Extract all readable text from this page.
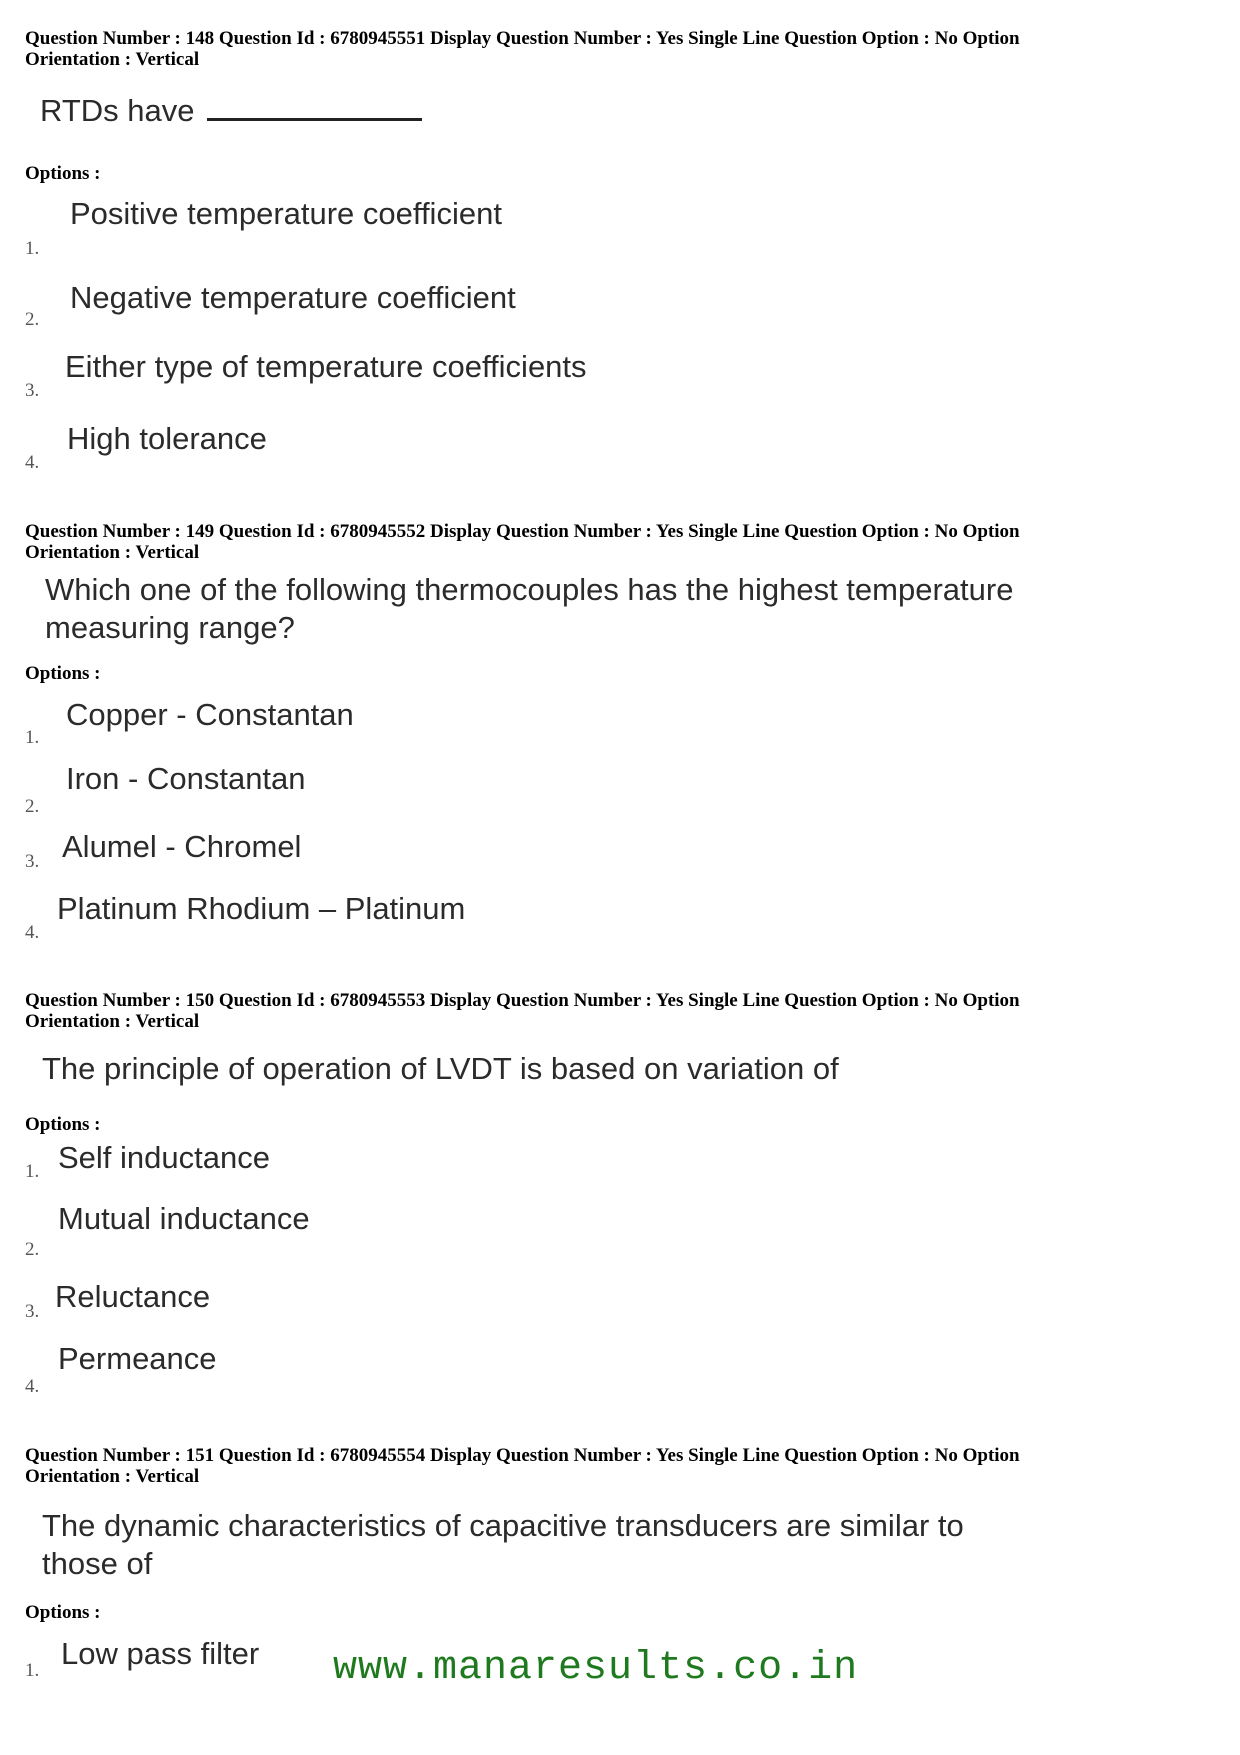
Question Number : 148 Question Id : 6780945551 Display Question Number : Yes Single Line Question Option : No Option
Orientation : Vertical
RTDs have
Options :
1.
Positive temperature coefficient
2.
Negative temperature coefficient
3.
Either type of temperature coefficients
4.
High tolerance
Question Number : 149 Question Id : 6780945552 Display Question Number : Yes Single Line Question Option : No Option
Orientation : Vertical
Which one of the following thermocouples has the highest temperature
measuring range?
Options :
1.
Copper - Constantan
2.
Iron - Constantan
3. Alumel - Chromel
4.
Platinum Rhodium – Platinum
Question Number : 150 Question Id : 6780945553 Display Question Number : Yes Single Line Question Option : No Option
Orientation : Vertical
The principle of operation of LVDT is based on variation of
Options :
1. Self inductance
2.
Mutual inductance
3. Reluctance
4.
Permeance
Question Number : 151 Question Id : 6780945554 Display Question Number : Yes Single Line Question Option : No Option
Orientation : Vertical
The dynamic characteristics of capacitive transducers are similar to
those of
Options :
1. Low pass filter www.manaresults.co.in
